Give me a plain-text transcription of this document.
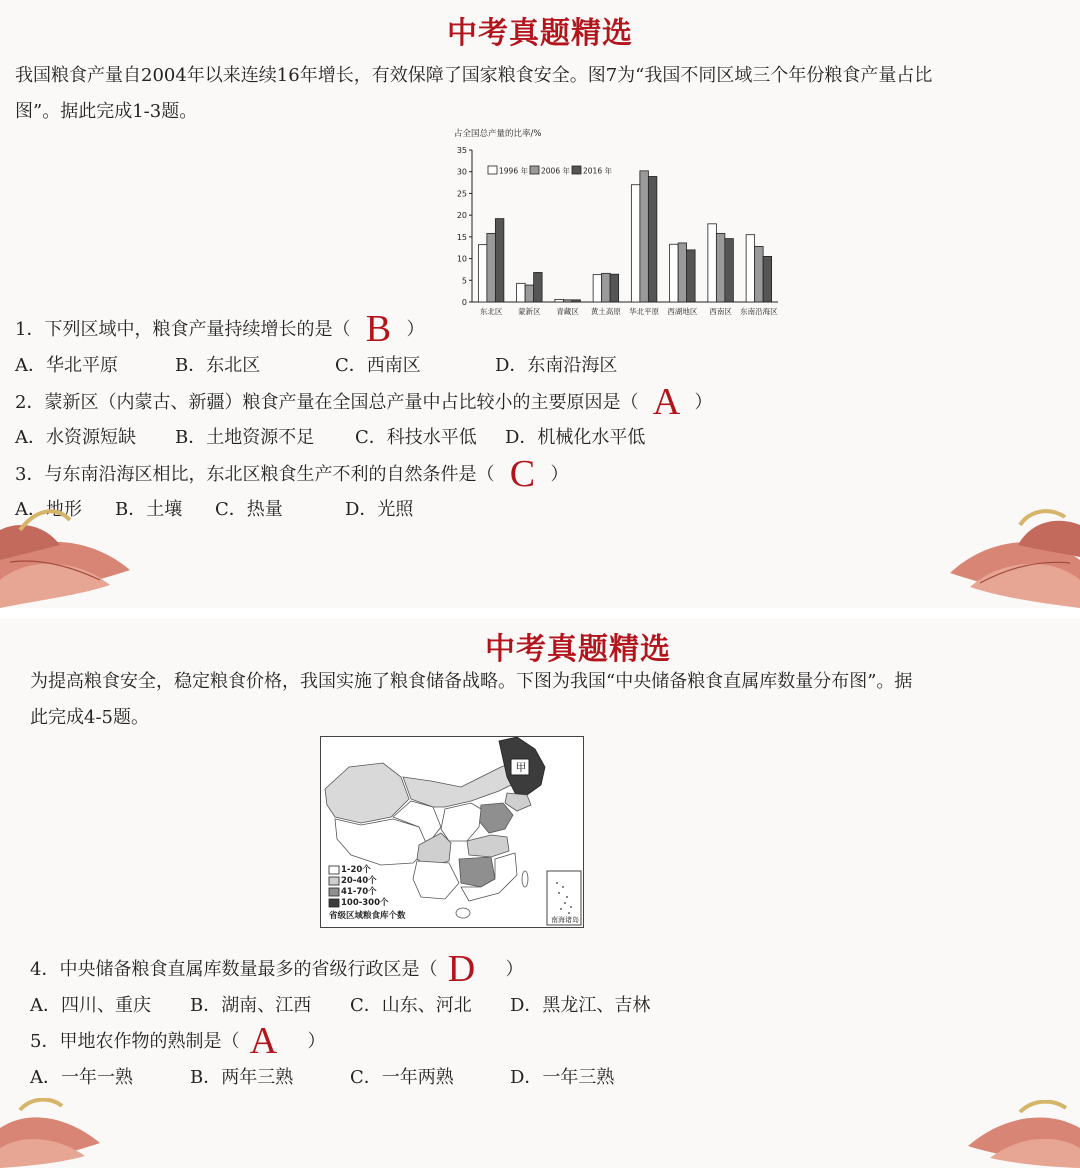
中考真题精选
我国粮食产量自2004年以来连续16年增长，有效保障了国家粮食安全。图7为“我国不同区域三个年份粮食产量占比
图”。据此完成1-3题。
占全国总产量的比率/%
0
5
10
15
20
25
30
35
东北区 蒙新区 青藏区 黄土高原 华北平原 西湖地区 西南区 东南沿海区
1996 年 2006 年 2016 年
1．下列区域中，粮食产量持续增长的是（ B ）
A．华北平原	B．东北区	C．西南区	D．东南沿海区
2．蒙新区（内蒙古、新疆）粮食产量在全国总产量中占比较小的主要原因是（ A ）
A．水资源短缺 B．土地资源不足 C．科技水平低 D．机械化水平低
3．与东南沿海区相比，东北区粮食生产不利的自然条件是（ C ）
A．地形 B．土壤 C．热量	D．光照
中考真题精选
为提高粮食安全，稳定粮食价格，我国实施了粮食储备战略。下图为我国“中央储备粮食直属库数量分布图”。据
此完成4-5题。
甲
1-20个
20-40个
41-70个
100-300个
省级区域粮食库个数	南海诸岛
4．中央储备粮食直属库数量最多的省级行政区是（ D ）
A．四川、重庆 B．湖南、江西 C．山东、河北 D．黑龙江、吉林
5．甲地农作物的熟制是（ A ）
A．一年一熟	B．两年三熟	C．一年两熟	D．一年三熟
